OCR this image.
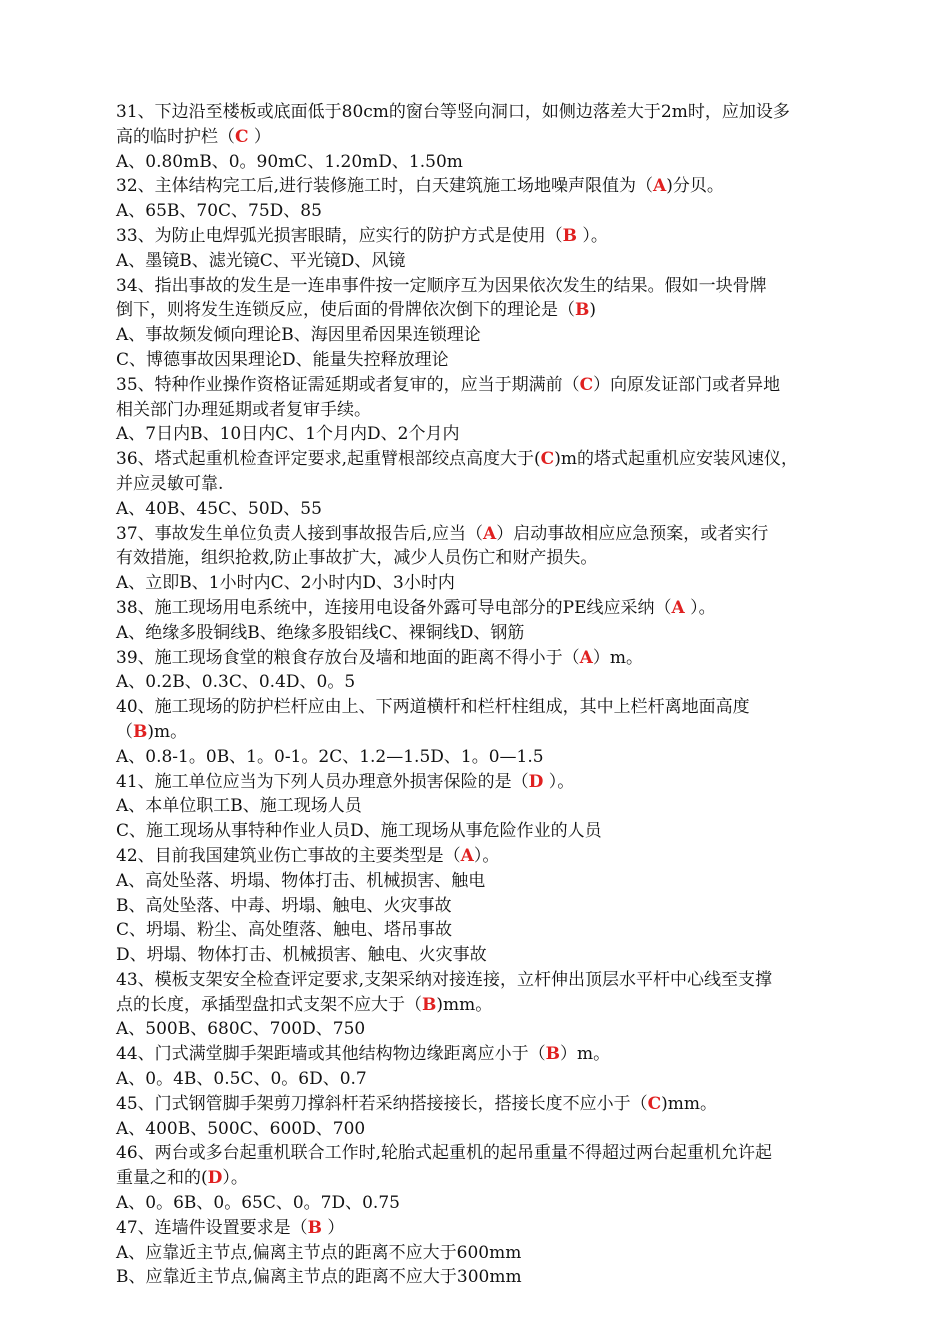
31、下边沿至楼板或底面低于80cm的窗台等竖向洞口，如侧边落差大于2m时，应加设多
高的临时护栏（C ）
A、0.80mB、0。90mC、1.20mD、1.50m
32、主体结构完工后,进行装修施工时，白天建筑施工场地噪声限值为（A)分贝。
A、65B、70C、75D、85
33、为防止电焊弧光损害眼睛，应实行的防护方式是使用（B ）。
A、墨镜B、滤光镜C、平光镜D、风镜
34、指出事故的发生是一连串事件按一定顺序互为因果依次发生的结果。假如一块骨牌
倒下，则将发生连锁反应，使后面的骨牌依次倒下的理论是（B)
A、事故频发倾向理论B、海因里希因果连锁理论
C、博德事故因果理论D、能量失控释放理论
35、特种作业操作资格证需延期或者复审的，应当于期满前（C）向原发证部门或者异地
相关部门办理延期或者复审手续。
A、7日内B、10日内C、1个月内D、2个月内
36、塔式起重机检查评定要求,起重臂根部绞点高度大于(C)m的塔式起重机应安装风速仪，
并应灵敏可靠.
A、40B、45C、50D、55
37、事故发生单位负责人接到事故报告后,应当（A）启动事故相应应急预案，或者实行
有效措施，组织抢救,防止事故扩大，减少人员伤亡和财产损失。
A、立即B、1小时内C、2小时内D、3小时内
38、施工现场用电系统中，连接用电设备外露可导电部分的PE线应采纳（A ）。
A、绝缘多股铜线B、绝缘多股铝线C、裸铜线D、钢筋
39、施工现场食堂的粮食存放台及墙和地面的距离不得小于（A）m。
A、0.2B、0.3C、0.4D、0。5
40、施工现场的防护栏杆应由上、下两道横杆和栏杆柱组成，其中上栏杆离地面高度
（B)m。
A、0.8-1。0B、1。0-1。2C、1.2—1.5D、1。0—1.5
41、施工单位应当为下列人员办理意外损害保险的是（D ）。
A、本单位职工B、施工现场人员
C、施工现场从事特种作业人员D、施工现场从事危险作业的人员
42、目前我国建筑业伤亡事故的主要类型是（A）。
A、高处坠落、坍塌、物体打击、机械损害、触电
B、高处坠落、中毒、坍塌、触电、火灾事故
C、坍塌、粉尘、高处堕落、触电、塔吊事故
D、坍塌、物体打击、机械损害、触电、火灾事故
43、模板支架安全检查评定要求,支架采纳对接连接，立杆伸出顶层水平杆中心线至支撑
点的长度，承插型盘扣式支架不应大于（B)mm。
A、500B、680C、700D、750
44、门式满堂脚手架距墙或其他结构物边缘距离应小于（B）m。
A、0。4B、0.5C、0。6D、0.7
45、门式钢管脚手架剪刀撑斜杆若采纳搭接接长，搭接长度不应小于（C)mm。
A、400B、500C、600D、700
46、两台或多台起重机联合工作时,轮胎式起重机的起吊重量不得超过两台起重机允许起
重量之和的(D）。
A、0。6B、0。65C、0。7D、0.75
47、连墙件设置要求是（B ）
A、应靠近主节点,偏离主节点的距离不应大于600mm
B、应靠近主节点,偏离主节点的距离不应大于300mm
